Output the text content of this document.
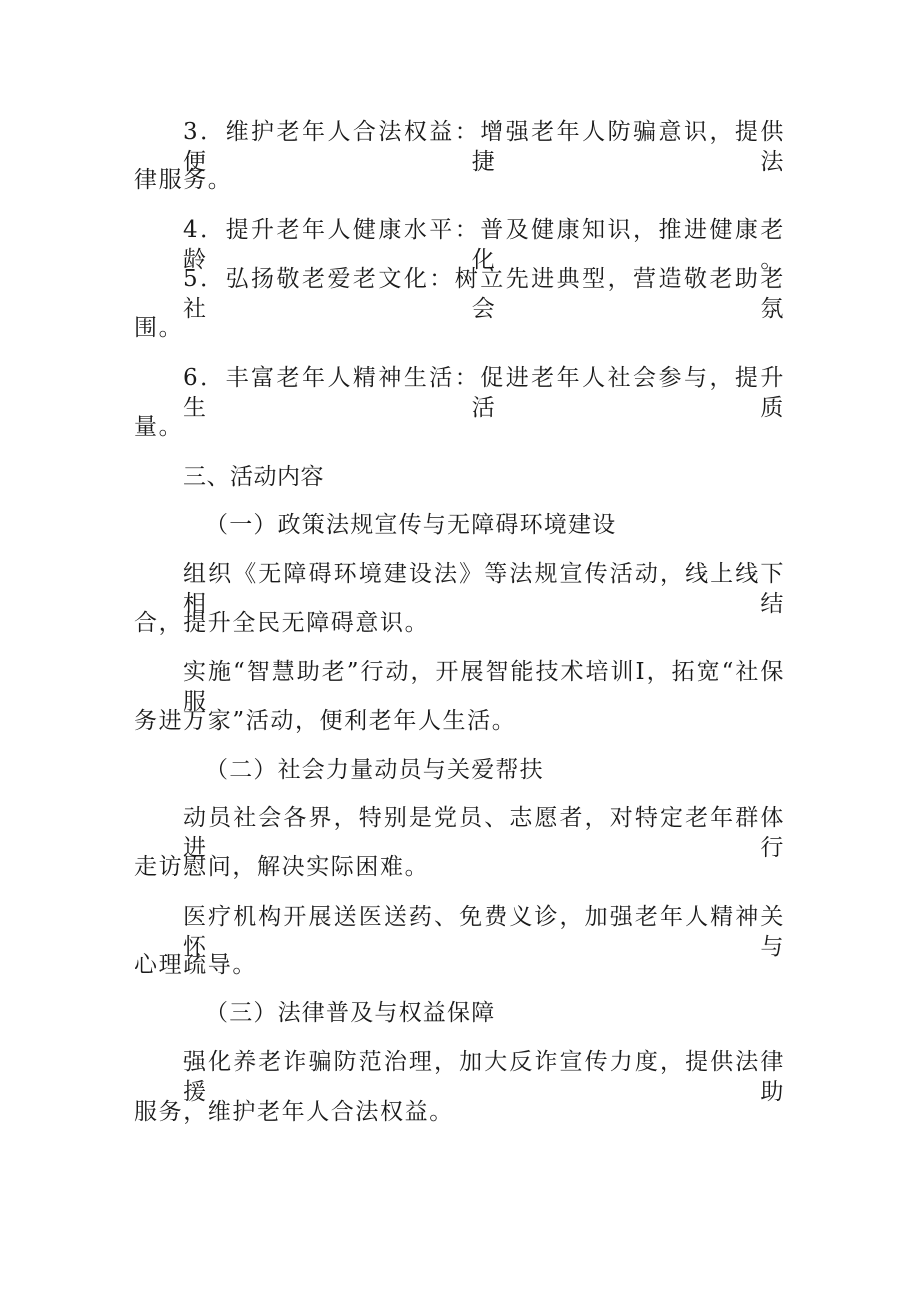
3．维护老年人合法权益：增强老年人防骗意识，提供便捷法
律服务。
4．提升老年人健康水平：普及健康知识，推进健康老龄化。
5．弘扬敬老爱老文化：树立先进典型，营造敬老助老社会氛
围。
6．丰富老年人精神生活：促进老年人社会参与，提升生活质
量。
三、活动内容
（一）政策法规宣传与无障碍环境建设
组织《无障碍环境建设法》等法规宣传活动，线上线下相结
合，提升全民无障碍意识。
实施“智慧助老”行动，开展智能技术培训I，拓宽“社保服
务进万家”活动，便利老年人生活。
（二）社会力量动员与关爱帮扶
动员社会各界，特别是党员、志愿者，对特定老年群体进行
走访慰问，解决实际困难。
医疗机构开展送医送药、免费义诊，加强老年人精神关怀与
心理疏导。
（三）法律普及与权益保障
强化养老诈骗防范治理，加大反诈宣传力度，提供法律援助
服务，维护老年人合法权益。
